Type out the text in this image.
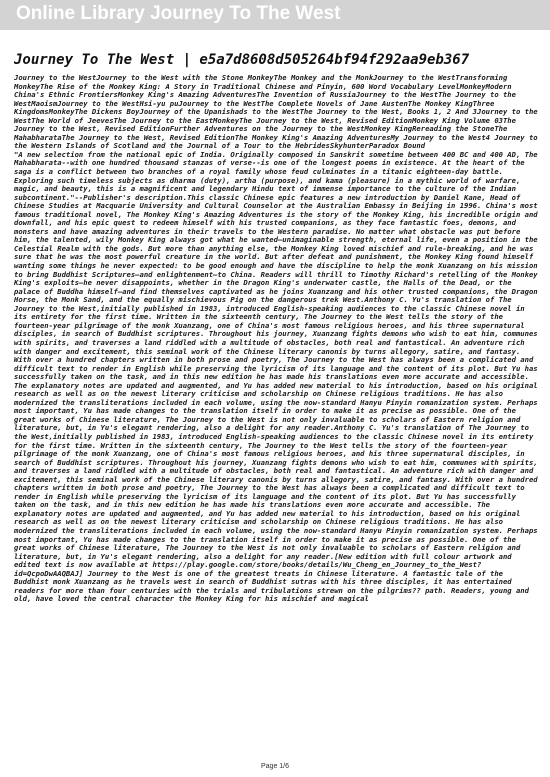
Online Library Journey To The West
Journey To The West | e5a7d8608d505264bf94f292aa9eb367

Journey to the WestJourney to the West with the Stone MonkeyThe Monkey and the MonkJourney to the WestTransforming MonkeyThe Rise of the Monkey King: A Story in Traditional Chinese and Pinyin, 600 Word Vocabulary LevelMonkeyModern China's Ethnic FrontiersMonkey King's Amazing AdventuresThe Invention of RussiaJourney to the WestThe Journey to the WestMaoismJourney to the WestHsi-yu puJourney to the WestThe Complete Novels of Jane AustenThe Monkey KingThree KingdomsMonkeyThe Dickens BoyJourney of the Upanishads to the WestThe Journey to the West, Books 1, 2 And 3Journey to the WestThe World of JeevesThe Journey to the EastMonkeyThe Journey to the West, Revised EditionMonkey King Volume 03The Journey to the West, Revised EditionFurther Adventures on the Journey to the WestMonkey KingRereading the StoneThe MahabharataThe Journey to the West, Revised EditionThe Monkey King's Amazing AdventuresMy Journey to the West4 Journey to the Western Islands of Scotland and the Journal of a Tour to the HebridesSkyhunterParadox Bound

"A new selection from the national epic of India. Originally composed in Sanskrit sometime between 400 BC and 400 AD, The Mahabharata--with one hundred thousand stanzas of verse--is one of the longest poems in existence. At the heart of the saga is a conflict between two branches of a royal family whose feud culminates in a titanic eighteen-day battle. Exploring such timeless subjects as dharma (duty), artha (purpose), and kama (pleasure) in a mythic world of warfare, magic, and beauty, this is a magnificent and legendary Hindu text of immense importance to the culture of the Indian subcontinent."--Publisher's description.This classic Chinese epic features a new introduction by Daniel Kane, Head of Chinese Studies at Macquarie University and Cultural Counselor at the Australian Embassy in Beijing in 1996. China's most famous traditional novel, The Monkey King's Amazing Adventures is the story of the Monkey King, his incredible origin and downfall, and his epic quest to redeem himself with his trusted companions, as they face fantastic foes, demons, and monsters and have amazing adventures in their travels to the Western paradise. No matter what obstacle was put before him, the talented, wily Monkey King always got what he wanted—unimaginable strength, eternal life, even a position in the Celestial Realm with the gods. But more than anything else, the Monkey King loved mischief and rule-breaking, and he was sure that he was the most powerful creature in the world. But after defeat and punishment, the Monkey King found himself wanting some things he never expected: to be good enough and have the discipline to help the monk Xuanzang on his mission to bring Buddhist Scriptures—and enlightenment—to China. Readers will thrill to Timothy Richard's retelling of the Monkey King's exploits—he never disappoints, whether in the Dragon King's underwater castle, the Halls of the Dead, or the palace of Buddha himself—and find themselves captivated as he joins Xuanzang and his other trusted companions, the Dragon Horse, the Monk Sand, and the equally mischievous Pig on the dangerous trek West.Anthony C. Yu's translation of The Journey to the West,initially published in 1983, introduced English-speaking audiences to the classic Chinese novel in its entirety for the first time. Written in the sixteenth century, The Journey to the West tells the story of the fourteen-year pilgrimage of the monk Xuanzang, one of China's most famous religious heroes, and his three supernatural disciples, in search of Buddhist scriptures. Throughout his journey, Xuanzang fights demons who wish to eat him, communes with spirits, and traverses a land riddled with a multitude of obstacles, both real and fantastical. An adventure rich with danger and excitement, this seminal work of the Chinese literary canonis by turns allegory, satire, and fantasy. With over a hundred chapters written in both prose and poetry, The Journey to the West has always been a complicated and difficult text to render in English while preserving the lyricism of its language and the content of its plot. But Yu has successfully taken on the task, and in this new edition he has made his translations even more accurate and accessible. The explanatory notes are updated and augmented, and Yu has added new material to his introduction, based on his original research as well as on the newest literary criticism and scholarship on Chinese religious traditions. He has also modernized the transliterations included in each volume, using the now-standard Hanyu Pinyin romanization system. Perhaps most important, Yu has made changes to the translation itself in order to make it as precise as possible. One of the great works of Chinese literature, The Journey to the West is not only invaluable to scholars of Eastern religion and literature, but, in Yu's elegant rendering, also a delight for any reader.Anthony C. Yu's translation of The Journey to the West,initially published in 1983, introduced English-speaking audiences to the classic Chinese novel in its entirety for the first time. Written in the sixteenth century, The Journey to the West tells the story of the fourteen-year pilgrimage of the monk Xuanzang, one of China's most famous religious heroes, and his three supernatural disciples, in search of Buddhist scriptures. Throughout his journey, Xuanzang fights demons who wish to eat him, communes with spirits, and traverses a land riddled with a multitude of obstacles, both real and fantastical. An adventure rich with danger and excitement, this seminal work of the Chinese literary canonis by turns allegory, satire, and fantasy. With over a hundred chapters written in both prose and poetry, The Journey to the West has always been a complicated and difficult text to render in English while preserving the lyricism of its language and the content of its plot. But Yu has successfully taken on the task, and in this new edition he has made his translations even more accurate and accessible. The explanatory notes are updated and augmented, and Yu has added new material to his introduction, based on his original research as well as on the newest literary criticism and scholarship on Chinese religious traditions. He has also modernized the transliterations included in each volume, using the now-standard Hanyu Pinyin romanization system. Perhaps most important, Yu has made changes to the translation itself in order to make it as precise as possible. One of the great works of Chinese literature, The Journey to the West is not only invaluable to scholars of Eastern religion and literature, but, in Yu's elegant rendering, also a delight for any reader.[New edition with full colour artwork and edited text is now available at https://play.google.com/store/books/details/Wu_Cheng_en_Journey_to_the_West?id=QcpoDwAAQBAJ] Journey to the West is one of the greatest treats in Chinese literature. A fantastic tale of the Buddhist monk Xuanzang as he travels west in search of Buddhist sutras with his three disciples, it has entertained readers for more than four centuries with the trials and tribulations strewn on the pilgrims?? path. Readers, young and old, have loved the central character the Monkey King for his mischief and magical

Page 1/6
